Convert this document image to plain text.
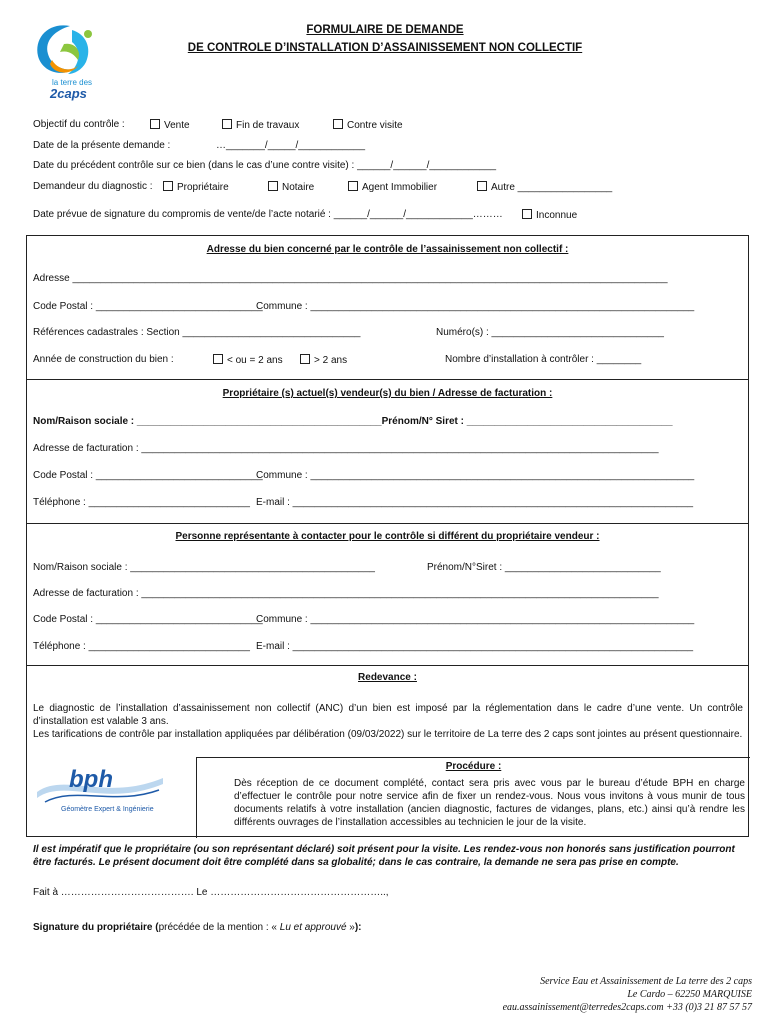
la terre des
2caps
FORMULAIRE DE DEMANDE
DE CONTROLE D’INSTALLATION D’ASSAINISSEMENT NON COLLECTIF
Objectif du contrôle :	Vente	Fin de travaux	Contre visite
Date de la présente demande :	…_______/_____/____________
Date du précédent contrôle sur ce bien (dans le cas d’une contre visite) : ______/______/____________
Demandeur du diagnostic :	Propriétaire	Notaire	Agent Immobilier	Autre _________________
Date prévue de signature du compromis de vente/de l’acte notarié : ______/______/____________………	Inconnue
Adresse du bien concerné par le contrôle de l’assainissement non collectif :
Adresse ___________________________________________________________________________________________________________
Code Postal : ______________________________
Commune : _____________________________________________________________________
Références cadastrales : Section ________________________________	Numéro(s) : _______________________________
Année de construction du bien :	< ou = 2 ans	> 2 ans	Nombre d’installation à contrôler : ________
Propriétaire (s) actuel(s) vendeur(s) du bien / Adresse de facturation :
Nom/Raison sociale : ____________________________________________Prénom/N° Siret : _____________________________________
Adresse de facturation : _____________________________________________________________________________________________
Code Postal : ______________________________
Commune : _____________________________________________________________________
Téléphone : _____________________________ E-mail : ________________________________________________________________________
Personne représentante à contacter pour le contrôle si différent du propriétaire vendeur :
Nom/Raison sociale : ____________________________________________	Prénom/N°Siret : ____________________________
Adresse de facturation : _____________________________________________________________________________________________
Code Postal : ______________________________
Commune : _____________________________________________________________________
Téléphone : _____________________________ E-mail : ________________________________________________________________________
Redevance :
Le diagnostic de l’installation d’assainissement non collectif (ANC) d’un bien est imposé par la réglementation dans le cadre d’une vente. Un contrôle d’installation est valable 3 ans.
Les tarifications de contrôle par installation appliquées par délibération (09/03/2022) sur le territoire de La terre des 2 caps sont jointes au présent questionnaire.
bph
Géomètre Expert & Ingénierie
Procédure :
Dès réception de ce document complété, contact sera pris avec vous par le bureau d’étude BPH en charge d’effectuer le contrôle pour notre service afin de fixer un rendez-vous. Nous vous invitons à vous munir de tous documents relatifs à votre installation (ancien diagnostic, factures de vidanges, plans, etc.) ainsi qu’à rendre les différents ouvrages de l’installation accessibles au technicien le jour de la visite.
Il est impératif que le propriétaire (ou son représentant déclaré) soit présent pour la visite. Les rendez-vous non honorés sans justification pourront être facturés. Le présent document doit être complété dans sa globalité; dans le cas contraire, la demande ne sera pas prise en compte.
Fait à …………………………………. Le ……………………………………………..,
Signature du propriétaire (précédée de la mention : « Lu et approuvé »):
Service Eau et Assainissement de La terre des 2 caps
Le Cardo – 62250 MARQUISE
eau.assainissement@terredes2caps.com +33 (0)3 21 87 57 57
